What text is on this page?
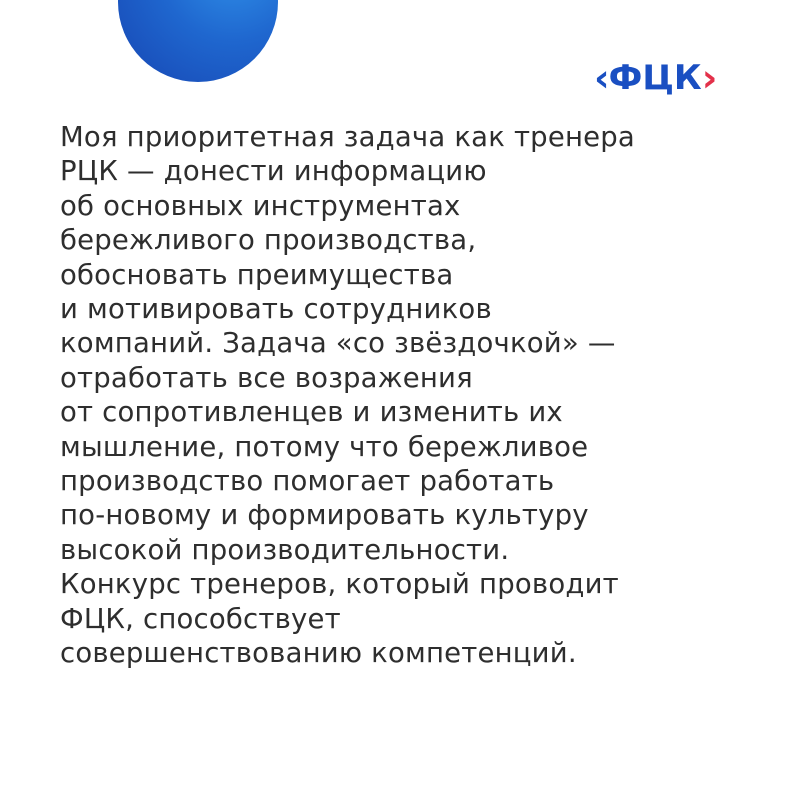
‹ ФЦК ›

Моя приоритетная задача как тренера
РЦК — донести информацию
об основных инструментах
бережливого производства,
обосновать преимущества
и мотивировать сотрудников
компаний. Задача «со звёздочкой» —
отработать все возражения
от сопротивленцев и изменить их
мышление, потому что бережливое
производство помогает работать
по-новому и формировать культуру
высокой производительности.
Конкурс тренеров, который проводит
ФЦК, способствует
совершенствованию компетенций.
